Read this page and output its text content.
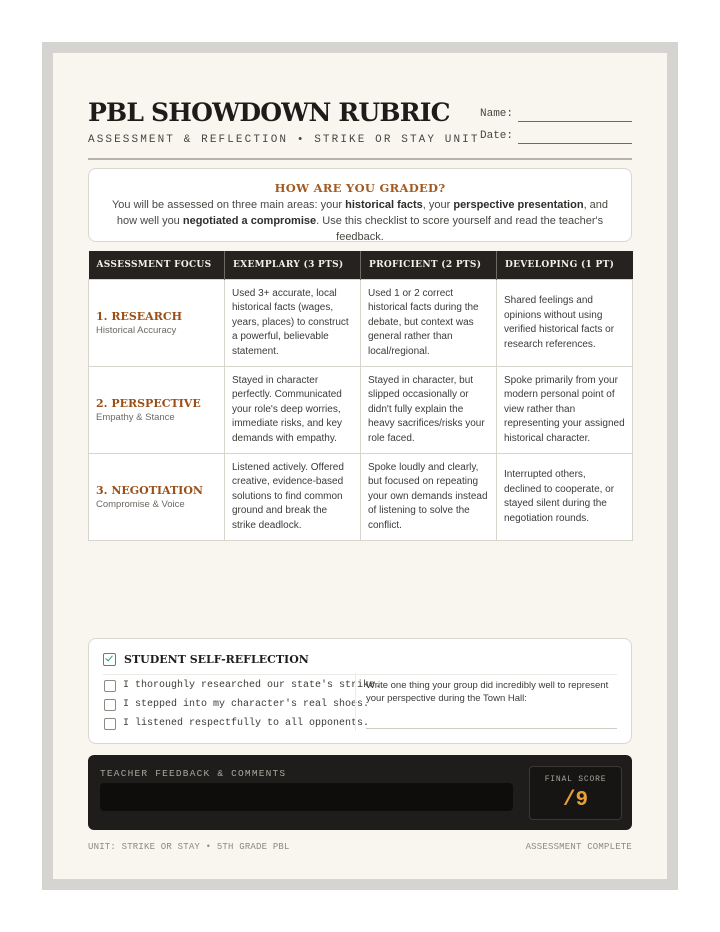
PBL SHOWDOWN RUBRIC
ASSESSMENT & REFLECTION • STRIKE OR STAY UNIT
Name:
Date:
HOW ARE YOU GRADED?
You will be assessed on three main areas: your historical facts, your perspective presentation, and how well you negotiated a compromise. Use this checklist to score yourself and read the teacher's feedback.
ASSESSMENT FOCUS	EXEMPLARY (3 PTS)	PROFICIENT (2 PTS)	DEVELOPING (1 PT)

1. RESEARCH
Historical Accuracy	Used 3+ accurate, local historical facts (wages, years, places) to construct a powerful, believable statement.	Used 1 or 2 correct historical facts during the debate, but context was general rather than local/regional.	Shared feelings and opinions without using verified historical facts or research references.

2. PERSPECTIVE
Empathy & Stance	Stayed in character perfectly. Communicated your role's deep worries, immediate risks, and key demands with empathy.	Stayed in character, but slipped occasionally or didn't fully explain the heavy sacrifices/risks your role faced.	Spoke primarily from your modern personal point of view rather than representing your assigned historical character.

3. NEGOTIATION
Compromise & Voice	Listened actively. Offered creative, evidence-based solutions to find common ground and break the strike deadlock.	Spoke loudly and clearly, but focused on repeating your own demands instead of listening to solve the conflict.	Interrupted others, declined to cooperate, or stayed silent during the negotiation rounds.
STUDENT SELF-REFLECTION
I thoroughly researched our state's strike.
I stepped into my character's real shoes.
I listened respectfully to all opponents.
Write one thing your group did incredibly well to represent your perspective during the Town Hall:
TEACHER FEEDBACK & COMMENTS
FINAL SCORE
/9
UNIT: STRIKE OR STAY • 5TH GRADE PBL	ASSESSMENT COMPLETE
